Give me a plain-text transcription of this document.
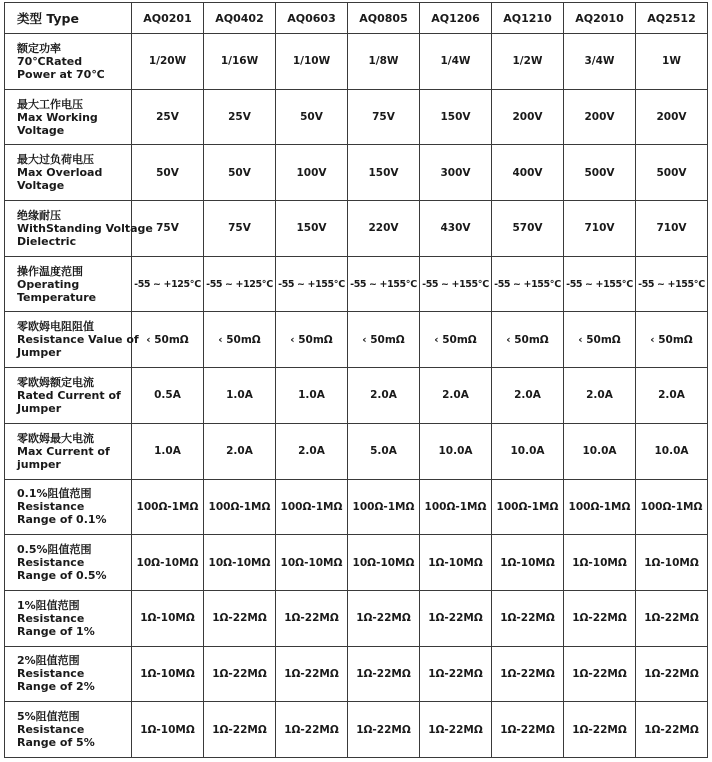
类型 Type	AQ0201	AQ0402	AQ0603	AQ0805	AQ1206	AQ1210	AQ2010	AQ2512

额定功率
70℃Rated
Power at 70℃	1/20W	1/16W	1/10W	1/8W	1/4W	1/2W	3/4W	1W

最大工作电压
Max Working
Voltage	25V	25V	50V	75V	150V	200V	200V	200V

最大过负荷电压
Max Overload
Voltage	50V	50V	100V	150V	300V	400V	500V	500V

绝缘耐压
WithStanding Voltage
Dielectric	75V	75V	150V	220V	430V	570V	710V	710V

操作温度范围
Operating
Temperature	-55 ~ +125℃	-55 ~ +125℃	-55 ~ +155℃	-55 ~ +155℃	-55 ~ +155℃	-55 ~ +155℃	-55 ~ +155℃	-55 ~ +155℃

零欧姆电阻阻值
Resistance Value of
Jumper	‹ 50mΩ	‹ 50mΩ	‹ 50mΩ	‹ 50mΩ	‹ 50mΩ	‹ 50mΩ	‹ 50mΩ	‹ 50mΩ

零欧姆额定电流
Rated Current of
Jumper	0.5A	1.0A	1.0A	2.0A	2.0A	2.0A	2.0A	2.0A

零欧姆最大电流
Max Current of
jumper	1.0A	2.0A	2.0A	5.0A	10.0A	10.0A	10.0A	10.0A

0.1%阻值范围
Resistance
Range of 0.1%	100Ω-1MΩ	100Ω-1MΩ	100Ω-1MΩ	100Ω-1MΩ	100Ω-1MΩ	100Ω-1MΩ	100Ω-1MΩ	100Ω-1MΩ

0.5%阻值范围
Resistance
Range of 0.5%	10Ω-10MΩ	10Ω-10MΩ	10Ω-10MΩ	10Ω-10MΩ	1Ω-10MΩ	1Ω-10MΩ	1Ω-10MΩ	1Ω-10MΩ

1%阻值范围
Resistance
Range of 1%	1Ω-10MΩ	1Ω-22MΩ	1Ω-22MΩ	1Ω-22MΩ	1Ω-22MΩ	1Ω-22MΩ	1Ω-22MΩ	1Ω-22MΩ

2%阻值范围
Resistance
Range of 2%	1Ω-10MΩ	1Ω-22MΩ	1Ω-22MΩ	1Ω-22MΩ	1Ω-22MΩ	1Ω-22MΩ	1Ω-22MΩ	1Ω-22MΩ

5%阻值范围
Resistance
Range of 5%	1Ω-10MΩ	1Ω-22MΩ	1Ω-22MΩ	1Ω-22MΩ	1Ω-22MΩ	1Ω-22MΩ	1Ω-22MΩ	1Ω-22MΩ
